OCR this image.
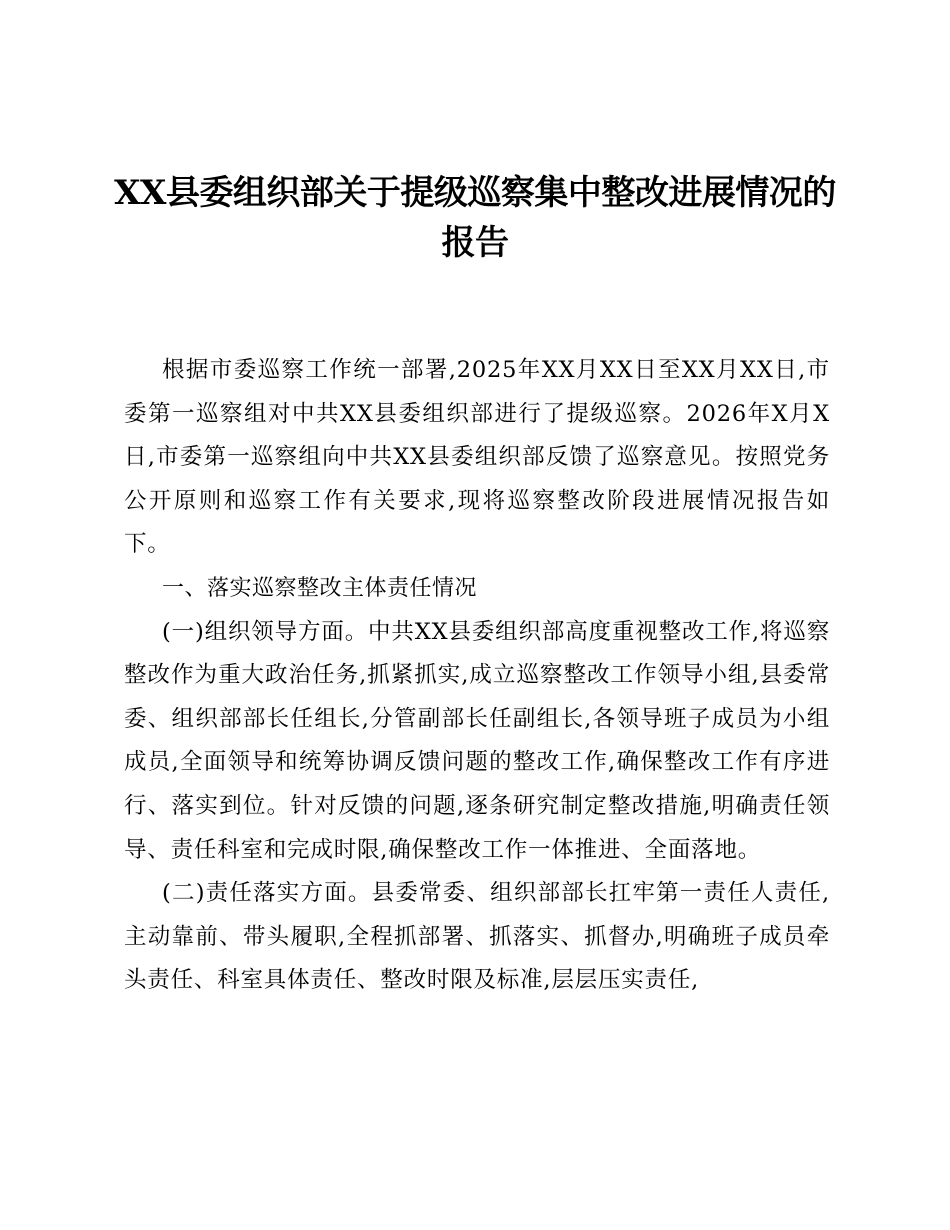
XX县委组织部关于提级巡察集中整改进展情况的报告

根据市委巡察工作统一部署,2025年XX月XX日至XX月XX日,市委第一巡察组对中共XX县委组织部进行了提级巡察。2026年X月X日,市委第一巡察组向中共XX县委组织部反馈了巡察意见。按照党务公开原则和巡察工作有关要求,现将巡察整改阶段进展情况报告如下。

一、落实巡察整改主体责任情况

(一)组织领导方面。中共XX县委组织部高度重视整改工作,将巡察整改作为重大政治任务,抓紧抓实,成立巡察整改工作领导小组,县委常委、组织部部长任组长,分管副部长任副组长,各领导班子成员为小组成员,全面领导和统筹协调反馈问题的整改工作,确保整改工作有序进行、落实到位。针对反馈的问题,逐条研究制定整改措施,明确责任领导、责任科室和完成时限,确保整改工作一体推进、全面落地。

(二)责任落实方面。县委常委、组织部部长扛牢第一责任人责任,主动靠前、带头履职,全程抓部署、抓落实、抓督办,明确班子成员牵头责任、科室具体责任、整改时限及标准,层层压实责任,
